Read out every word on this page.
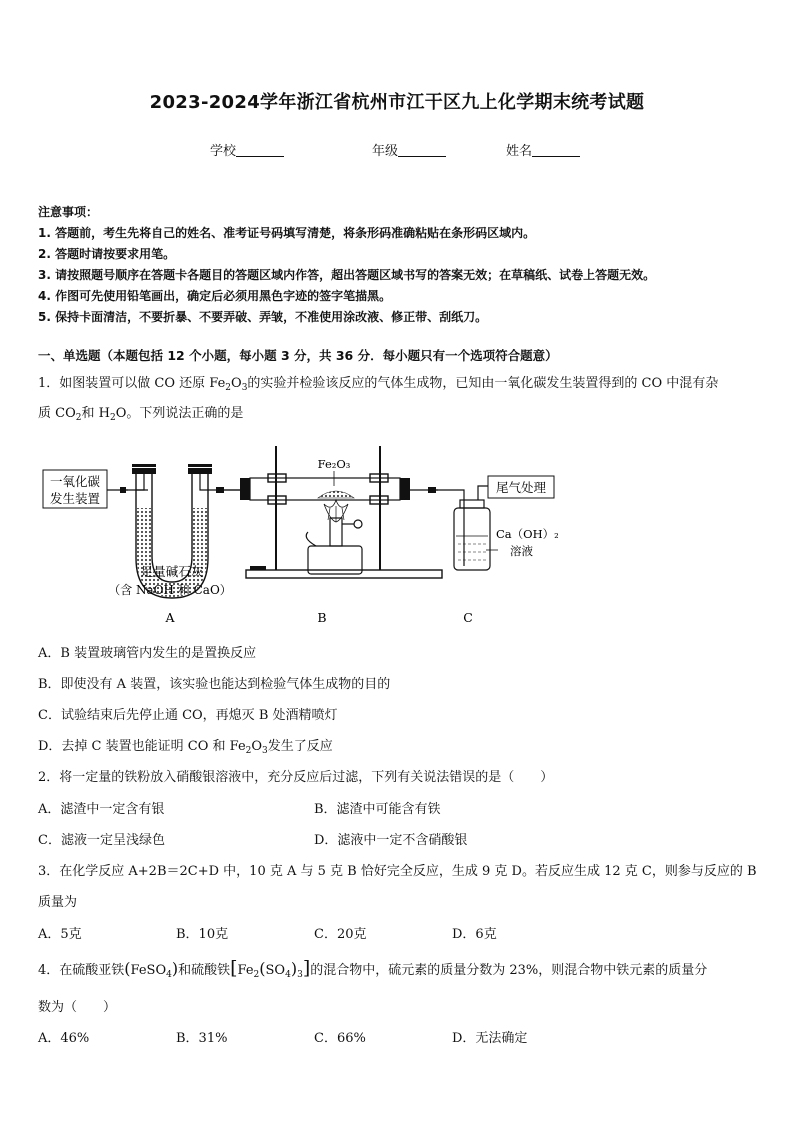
2023-2024学年浙江省杭州市江干区九上化学期末统考试题
学校	年级	姓名
注意事项：
1. 答题前，考生先将自己的姓名、准考证号码填写清楚，将条形码准确粘贴在条形码区域内。
2. 答题时请按要求用笔。
3. 请按照题号顺序在答题卡各题目的答题区域内作答，超出答题区域书写的答案无效；在草稿纸、试卷上答题无效。
4. 作图可先使用铅笔画出，确定后必须用黑色字迹的签字笔描黑。
5. 保持卡面清洁，不要折暴、不要弄破、弄皱，不准使用涂改液、修正带、刮纸刀。
一、单选题（本题包括 12 个小题，每小题 3 分，共 36 分．每小题只有一个选项符合题意）
1．如图装置可以做 CO 还原 $Fe_2O_3$的实验并检验该反应的气体生成物，已知由一氧化碳发生装置得到的 CO 中混有杂
质 $CO_2$和 $H_2O$。下列说法正确的是
一氧化碳
发生装置
Fe₂O₃
尾气处理
Ca（OH）₂
溶液
足量碱石灰
（含 NaOH 和 CaO）
A	B	C
A．B 装置玻璃管内发生的是置换反应
B．即使没有 A 装置，该实验也能达到检验气体生成物的目的
C．试验结束后先停止通 CO，再熄灭 B 处酒精喷灯
D．去掉 C 装置也能证明 CO 和 $Fe_2O_3$发生了反应
2．将一定量的铁粉放入硝酸银溶液中，充分反应后过滤，下列有关说法错误的是（　　）
A．滤渣中一定含有银	B．滤渣中可能含有铁
C．滤液一定呈浅绿色	D．滤液中一定不含硝酸银
3．在化学反应 A+2B＝2C+D 中，10 克 A 与 5 克 B 恰好完全反应，生成 9 克 D。若反应生成 12 克 C，则参与反应的 B
质量为
A．5克	B．10克	C．20克	D．6克
4．在硫酸亚铁(FeSO$_4$)和硫酸铁$[Fe_2(SO_4)_3]$的混合物中，硫元素的质量分数为 23%，则混合物中铁元素的质量分
数为（　　）
A．46%	B．31%	C．66%	D．无法确定
